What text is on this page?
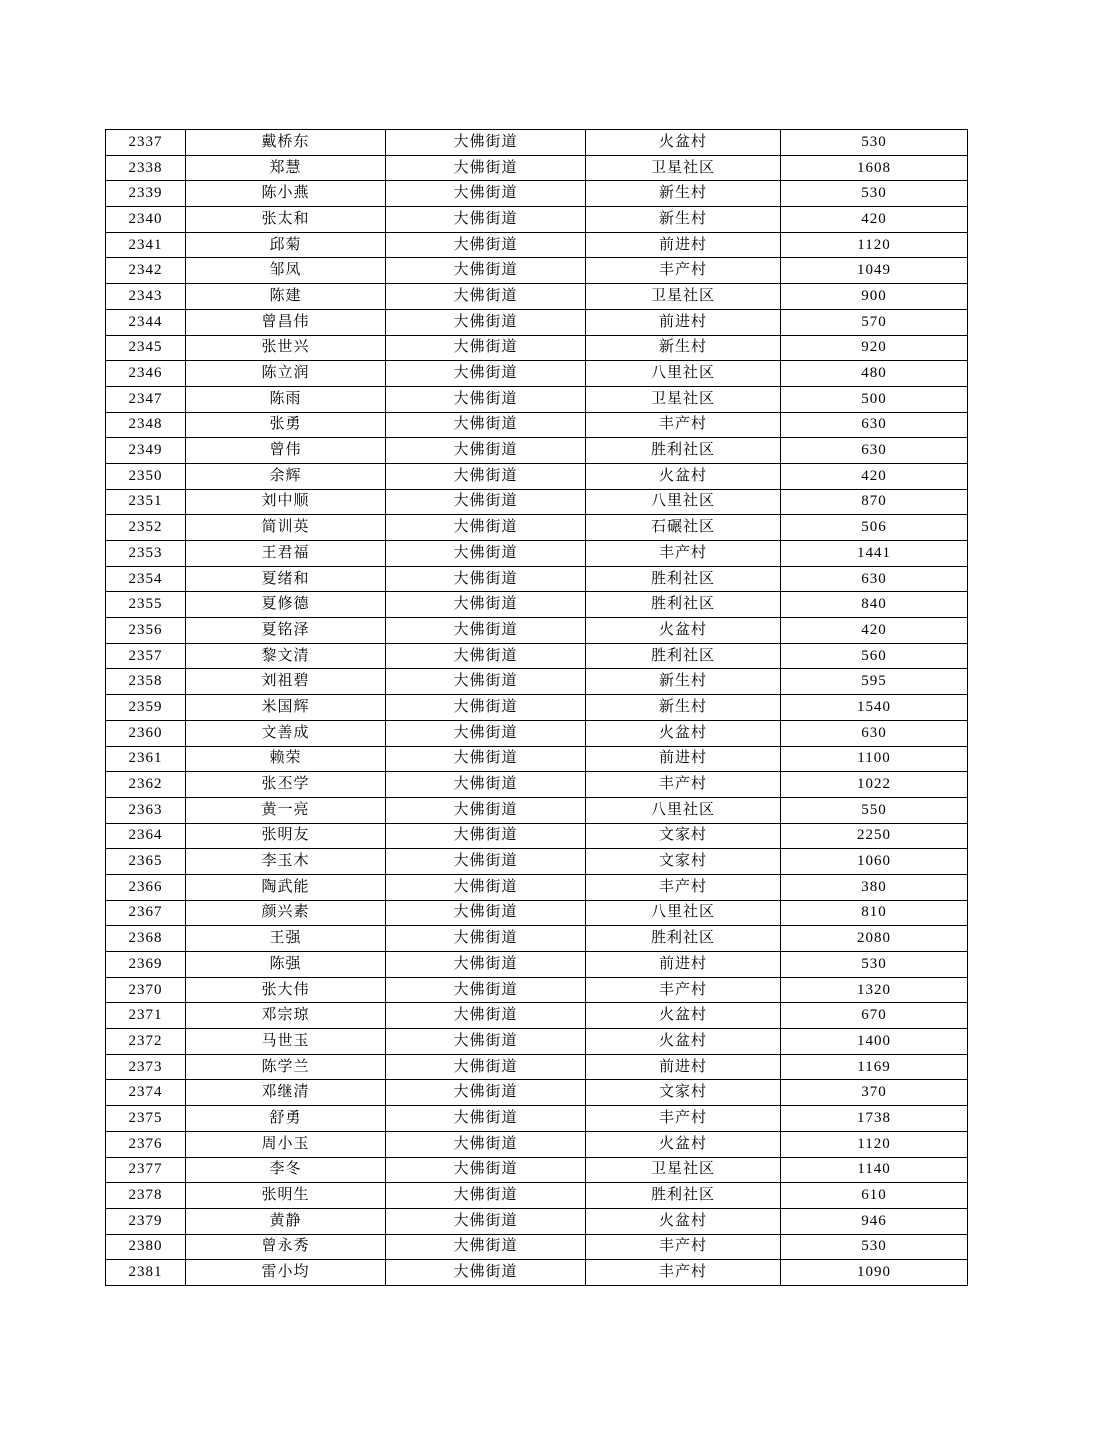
2337	戴桥东	大佛街道	火盆村	530
2338	郑慧	大佛街道	卫星社区	1608
2339	陈小燕	大佛街道	新生村	530
2340	张太和	大佛街道	新生村	420
2341	邱菊	大佛街道	前进村	1120
2342	邹凤	大佛街道	丰产村	1049
2343	陈建	大佛街道	卫星社区	900
2344	曾昌伟	大佛街道	前进村	570
2345	张世兴	大佛街道	新生村	920
2346	陈立润	大佛街道	八里社区	480
2347	陈雨	大佛街道	卫星社区	500
2348	张勇	大佛街道	丰产村	630
2349	曾伟	大佛街道	胜利社区	630
2350	余辉	大佛街道	火盆村	420
2351	刘中顺	大佛街道	八里社区	870
2352	简训英	大佛街道	石碾社区	506
2353	王君福	大佛街道	丰产村	1441
2354	夏绪和	大佛街道	胜利社区	630
2355	夏修德	大佛街道	胜利社区	840
2356	夏铭泽	大佛街道	火盆村	420
2357	黎文清	大佛街道	胜利社区	560
2358	刘祖碧	大佛街道	新生村	595
2359	米国辉	大佛街道	新生村	1540
2360	文善成	大佛街道	火盆村	630
2361	赖荣	大佛街道	前进村	1100
2362	张丕学	大佛街道	丰产村	1022
2363	黄一亮	大佛街道	八里社区	550
2364	张明友	大佛街道	文家村	2250
2365	李玉木	大佛街道	文家村	1060
2366	陶武能	大佛街道	丰产村	380
2367	颜兴素	大佛街道	八里社区	810
2368	王强	大佛街道	胜利社区	2080
2369	陈强	大佛街道	前进村	530
2370	张大伟	大佛街道	丰产村	1320
2371	邓宗琼	大佛街道	火盆村	670
2372	马世玉	大佛街道	火盆村	1400
2373	陈学兰	大佛街道	前进村	1169
2374	邓继清	大佛街道	文家村	370
2375	舒勇	大佛街道	丰产村	1738
2376	周小玉	大佛街道	火盆村	1120
2377	李冬	大佛街道	卫星社区	1140
2378	张明生	大佛街道	胜利社区	610
2379	黄静	大佛街道	火盆村	946
2380	曾永秀	大佛街道	丰产村	530
2381	雷小均	大佛街道	丰产村	1090
